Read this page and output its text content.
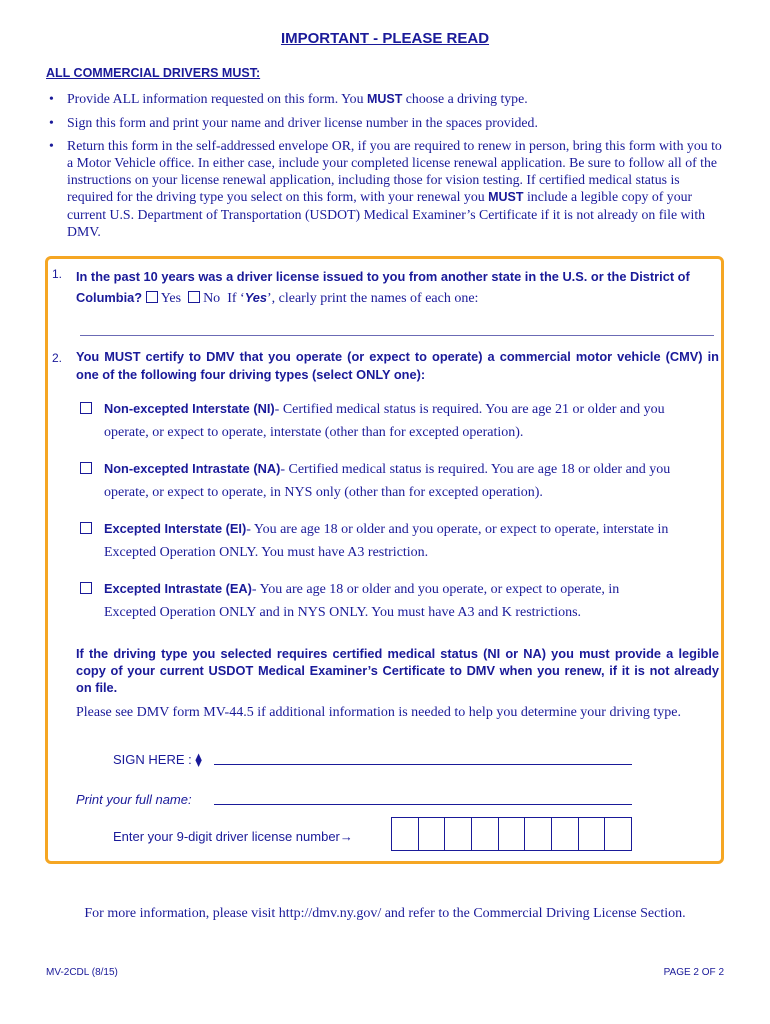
IMPORTANT - PLEASE READ
ALL COMMERCIAL DRIVERS MUST:
• Provide ALL information requested on this form. You MUST choose a driving type.
• Sign this form and print your name and driver license number in the spaces provided.
• Return this form in the self-addressed envelope OR, if you are required to renew in person, bring this form with you to a Motor Vehicle office. In either case, include your completed license renewal application. Be sure to follow all of the instructions on your license renewal application, including those for vision testing. If certified medical status is required for the driving type you select on this form, with your renewal you MUST include a legible copy of your current U.S. Department of Transportation (USDOT) Medical Examiner’s Certificate if it is not already on file with DMV.
1. In the past 10 years was a driver license issued to you from another state in the U.S. or the District of Columbia? Yes No If ‘Yes’, clearly print the names of each one:
2. You MUST certify to DMV that you operate (or expect to operate) a commercial motor vehicle (CMV) in one of the following four driving types (select ONLY one):
Non-excepted Interstate (NI)- Certified medical status is required. You are age 21 or older and you
operate, or expect to operate, interstate (other than for excepted operation).
Non-excepted Intrastate (NA)- Certified medical status is required. You are age 18 or older and you
operate, or expect to operate, in NYS only (other than for excepted operation).
Excepted Interstate (EI)- You are age 18 or older and you operate, or expect to operate, interstate in
Excepted Operation ONLY. You must have A3 restriction.
Excepted Intrastate (EA)- You are age 18 or older and you operate, or expect to operate, in
Excepted Operation ONLY and in NYS ONLY. You must have A3 and K restrictions.
If the driving type you selected requires certified medical status (NI or NA) you must provide a legible copy of your current USDOT Medical Examiner’s Certificate to DMV when you renew, if it is not already on file.
Please see DMV form MV-44.5 if additional information is needed to help you determine your driving type.
SIGN HERE : ⧫
Print your full name:
Enter your 9-digit driver license number→
For more information, please visit http://dmv.ny.gov/ and refer to the Commercial Driving License Section.
MV-2CDL (8/15)	PAGE 2 OF 2
